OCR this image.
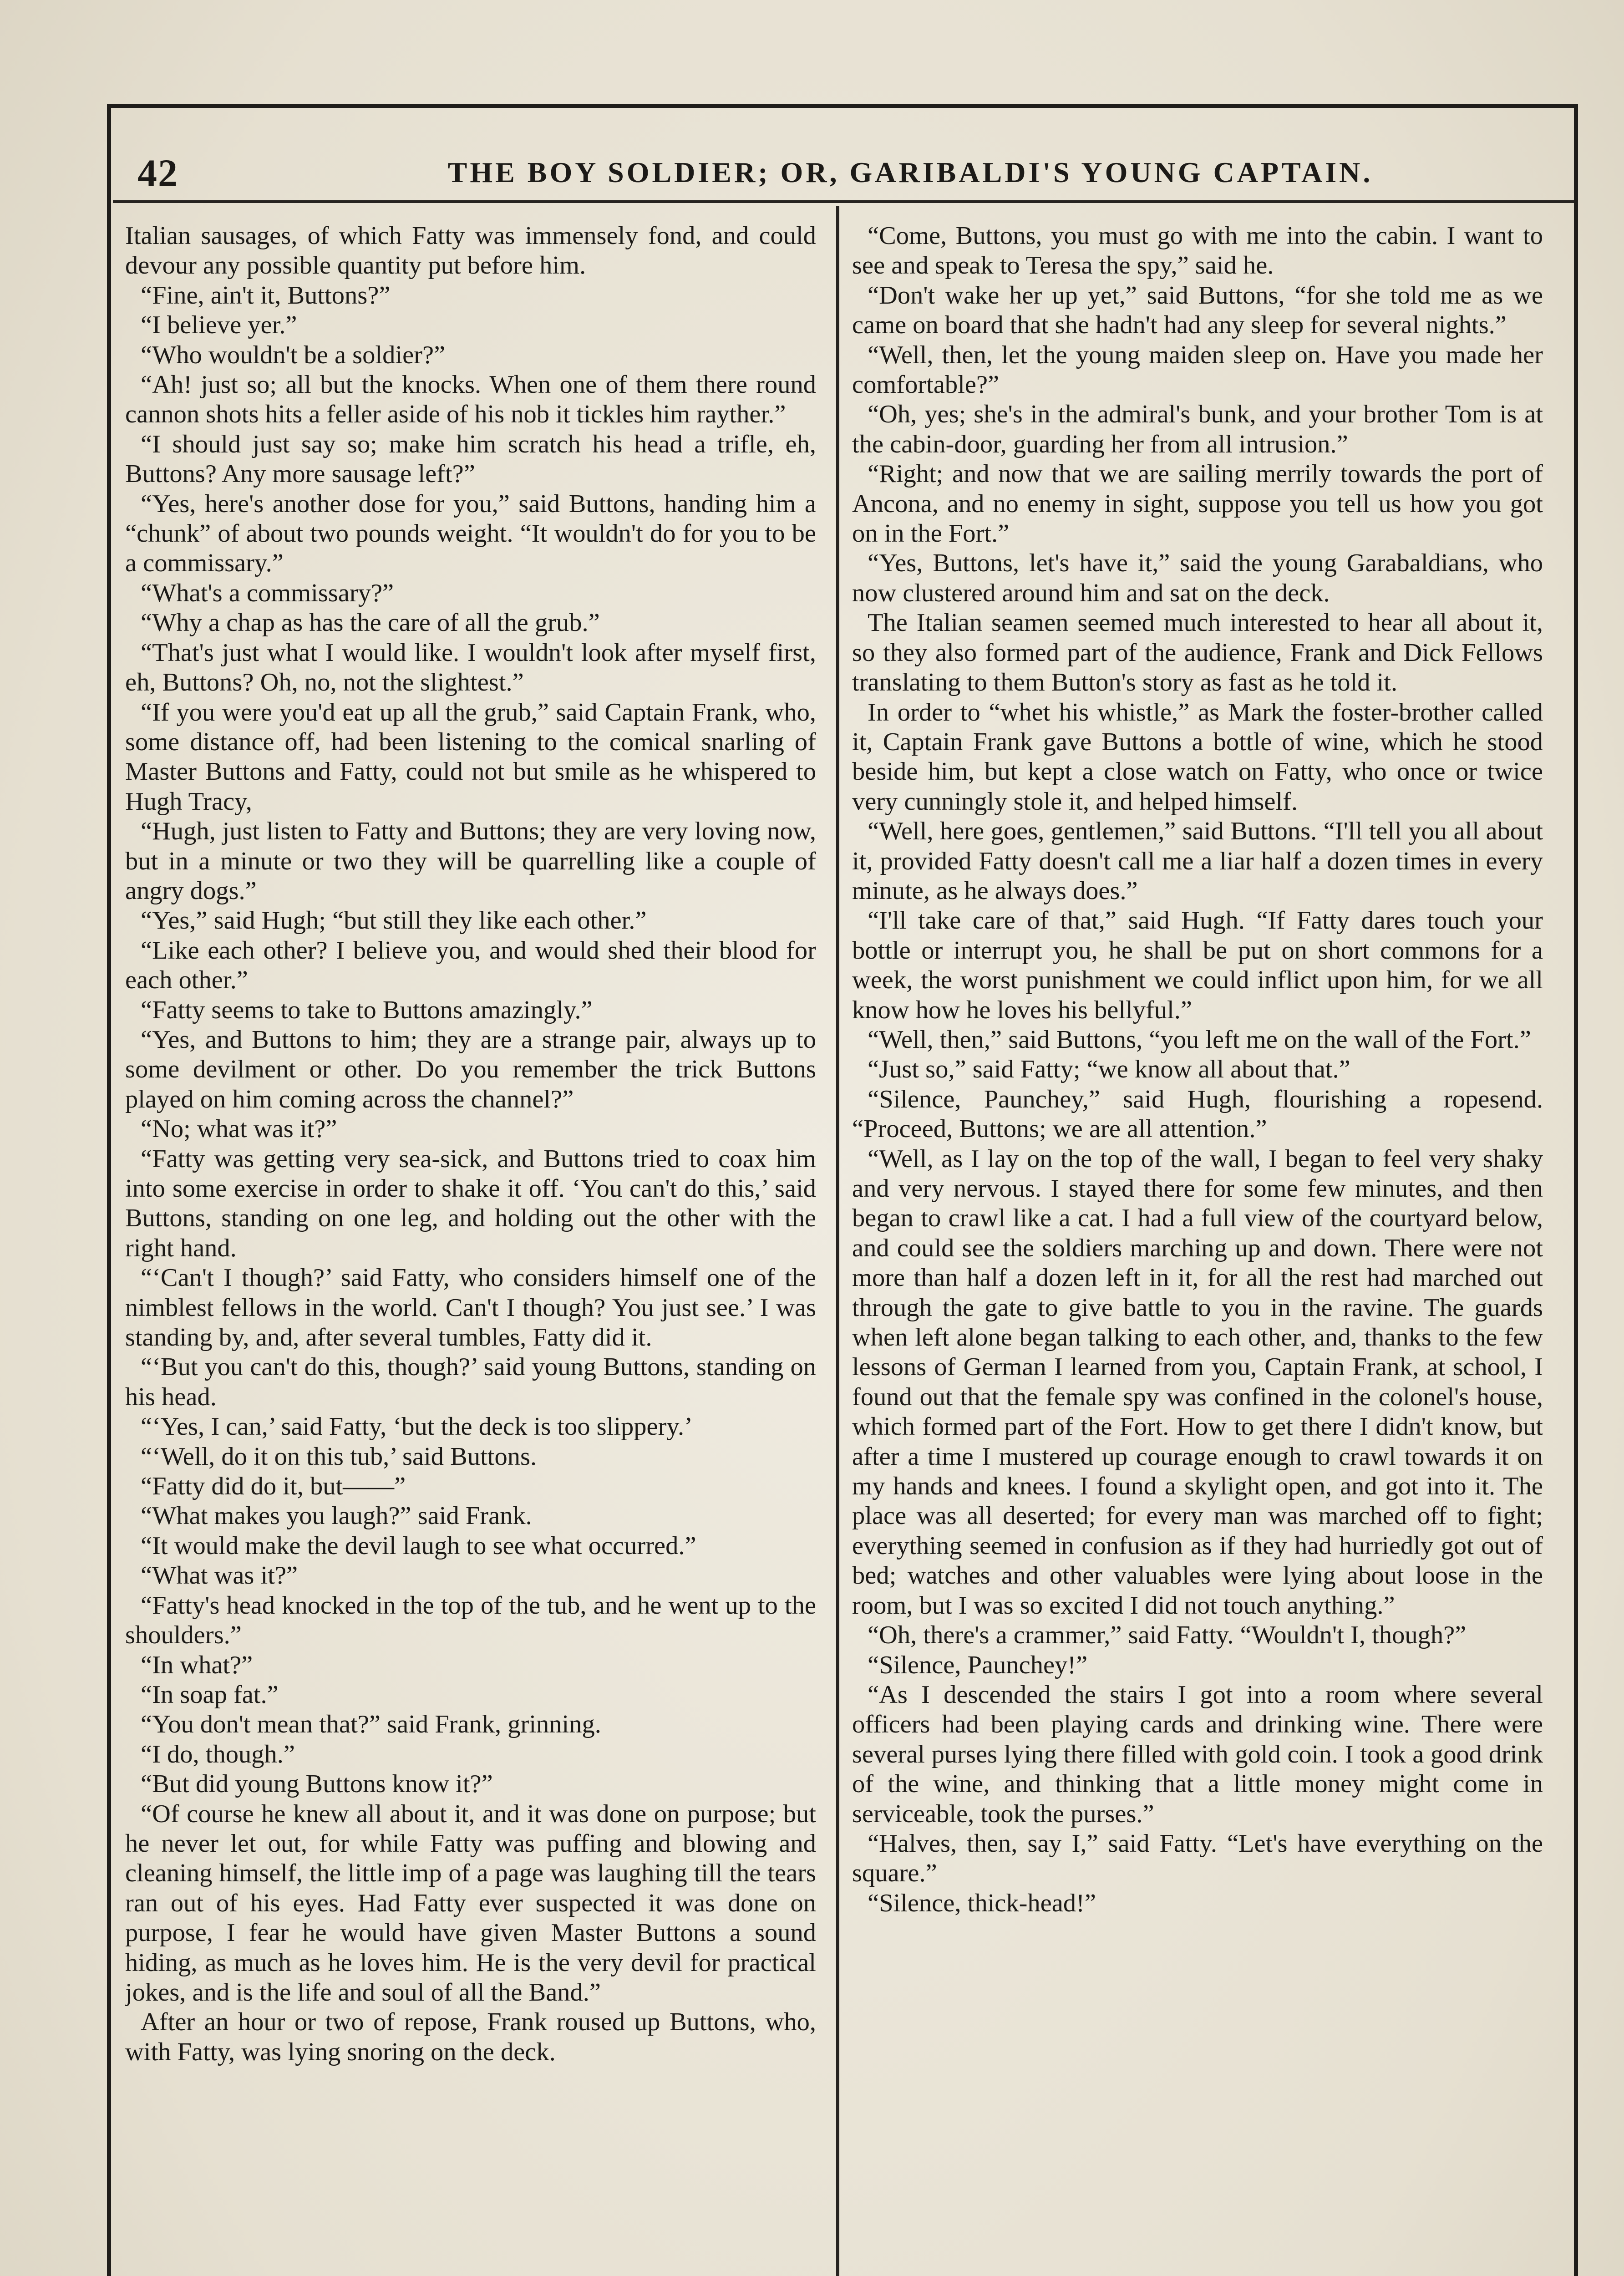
42	THE BOY SOLDIER; OR, GARIBALDI'S YOUNG CAPTAIN.

Italian sausages, of which Fatty was immensely fond, and could devour any possible quantity put before him.

“Fine, ain't it, Buttons?”

“I believe yer.”

“Who wouldn't be a soldier?”

“Ah! just so; all but the knocks. When one of them there round cannon shots hits a feller aside of his nob it tickles him rayther.”

“I should just say so; make him scratch his head a trifle, eh, Buttons? Any more sausage left?”

“Yes, here's another dose for you,” said Buttons, handing him a “chunk” of about two pounds weight. “It wouldn't do for you to be a commissary.”

“What's a commissary?”

“Why a chap as has the care of all the grub.”

“That's just what I would like. I wouldn't look after myself first, eh, Buttons? Oh, no, not the slightest.”

“If you were you'd eat up all the grub,” said Captain Frank, who, some distance off, had been listening to the comical snarling of Master Buttons and Fatty, could not but smile as he whispered to Hugh Tracy,

“Hugh, just listen to Fatty and Buttons; they are very loving now, but in a minute or two they will be quarrelling like a couple of angry dogs.”

“Yes,” said Hugh; “but still they like each other.”

“Like each other? I believe you, and would shed their blood for each other.”

“Fatty seems to take to Buttons amazingly.”

“Yes, and Buttons to him; they are a strange pair, always up to some devilment or other. Do you remember the trick Buttons played on him coming across the channel?”

“No; what was it?”

“Fatty was getting very sea-sick, and Buttons tried to coax him into some exercise in order to shake it off. ‘You can't do this,’ said Buttons, standing on one leg, and holding out the other with the right hand.

“‘Can't I though?’ said Fatty, who considers himself one of the nimblest fellows in the world. Can't I though? You just see.’ I was standing by, and, after several tumbles, Fatty did it.

“‘But you can't do this, though?’ said young Buttons, standing on his head.

“‘Yes, I can,’ said Fatty, ‘but the deck is too slippery.’

“‘Well, do it on this tub,’ said Buttons.

“Fatty did do it, but——”

“What makes you laugh?” said Frank.

“It would make the devil laugh to see what occurred.”

“What was it?”

“Fatty's head knocked in the top of the tub, and he went up to the shoulders.”

“In what?”

“In soap fat.”

“You don't mean that?” said Frank, grinning.

“I do, though.”

“But did young Buttons know it?”

“Of course he knew all about it, and it was done on purpose; but he never let out, for while Fatty was puffing and blowing and cleaning himself, the little imp of a page was laughing till the tears ran out of his eyes. Had Fatty ever suspected it was done on purpose, I fear he would have given Master Buttons a sound hiding, as much as he loves him. He is the very devil for practical jokes, and is the life and soul of all the Band.”

After an hour or two of repose, Frank roused up Buttons, who, with Fatty, was lying snoring on the deck.

“Come, Buttons, you must go with me into the cabin. I want to see and speak to Teresa the spy,” said he.

“Don't wake her up yet,” said Buttons, “for she told me as we came on board that she hadn't had any sleep for several nights.”

“Well, then, let the young maiden sleep on. Have you made her comfortable?”

“Oh, yes; she's in the admiral's bunk, and your brother Tom is at the cabin-door, guarding her from all intrusion.”

“Right; and now that we are sailing merrily towards the port of Ancona, and no enemy in sight, suppose you tell us how you got on in the Fort.”

“Yes, Buttons, let's have it,” said the young Garabaldians, who now clustered around him and sat on the deck.

The Italian seamen seemed much interested to hear all about it, so they also formed part of the audience, Frank and Dick Fellows translating to them Button's story as fast as he told it.

In order to “whet his whistle,” as Mark the foster-brother called it, Captain Frank gave Buttons a bottle of wine, which he stood beside him, but kept a close watch on Fatty, who once or twice very cunningly stole it, and helped himself.

“Well, here goes, gentlemen,” said Buttons. “I'll tell you all about it, provided Fatty doesn't call me a liar half a dozen times in every minute, as he always does.”

“I'll take care of that,” said Hugh. “If Fatty dares touch your bottle or interrupt you, he shall be put on short commons for a week, the worst punishment we could inflict upon him, for we all know how he loves his bellyful.”

“Well, then,” said Buttons, “you left me on the wall of the Fort.”

“Just so,” said Fatty; “we know all about that.”

“Silence, Paunchey,” said Hugh, flourishing a ropesend. “Proceed, Buttons; we are all attention.”

“Well, as I lay on the top of the wall, I began to feel very shaky and very nervous. I stayed there for some few minutes, and then began to crawl like a cat. I had a full view of the courtyard below, and could see the soldiers marching up and down. There were not more than half a dozen left in it, for all the rest had marched out through the gate to give battle to you in the ravine. The guards when left alone began talking to each other, and, thanks to the few lessons of German I learned from you, Captain Frank, at school, I found out that the female spy was confined in the colonel's house, which formed part of the Fort. How to get there I didn't know, but after a time I mustered up courage enough to crawl towards it on my hands and knees. I found a skylight open, and got into it. The place was all deserted; for every man was marched off to fight; everything seemed in confusion as if they had hurriedly got out of bed; watches and other valuables were lying about loose in the room, but I was so excited I did not touch anything.”

“Oh, there's a crammer,” said Fatty. “Wouldn't I, though?”

“Silence, Paunchey!”

“As I descended the stairs I got into a room where several officers had been playing cards and drinking wine. There were several purses lying there filled with gold coin. I took a good drink of the wine, and thinking that a little money might come in serviceable, took the purses.”

“Halves, then, say I,” said Fatty. “Let's have everything on the square.”

“Silence, thick-head!”
